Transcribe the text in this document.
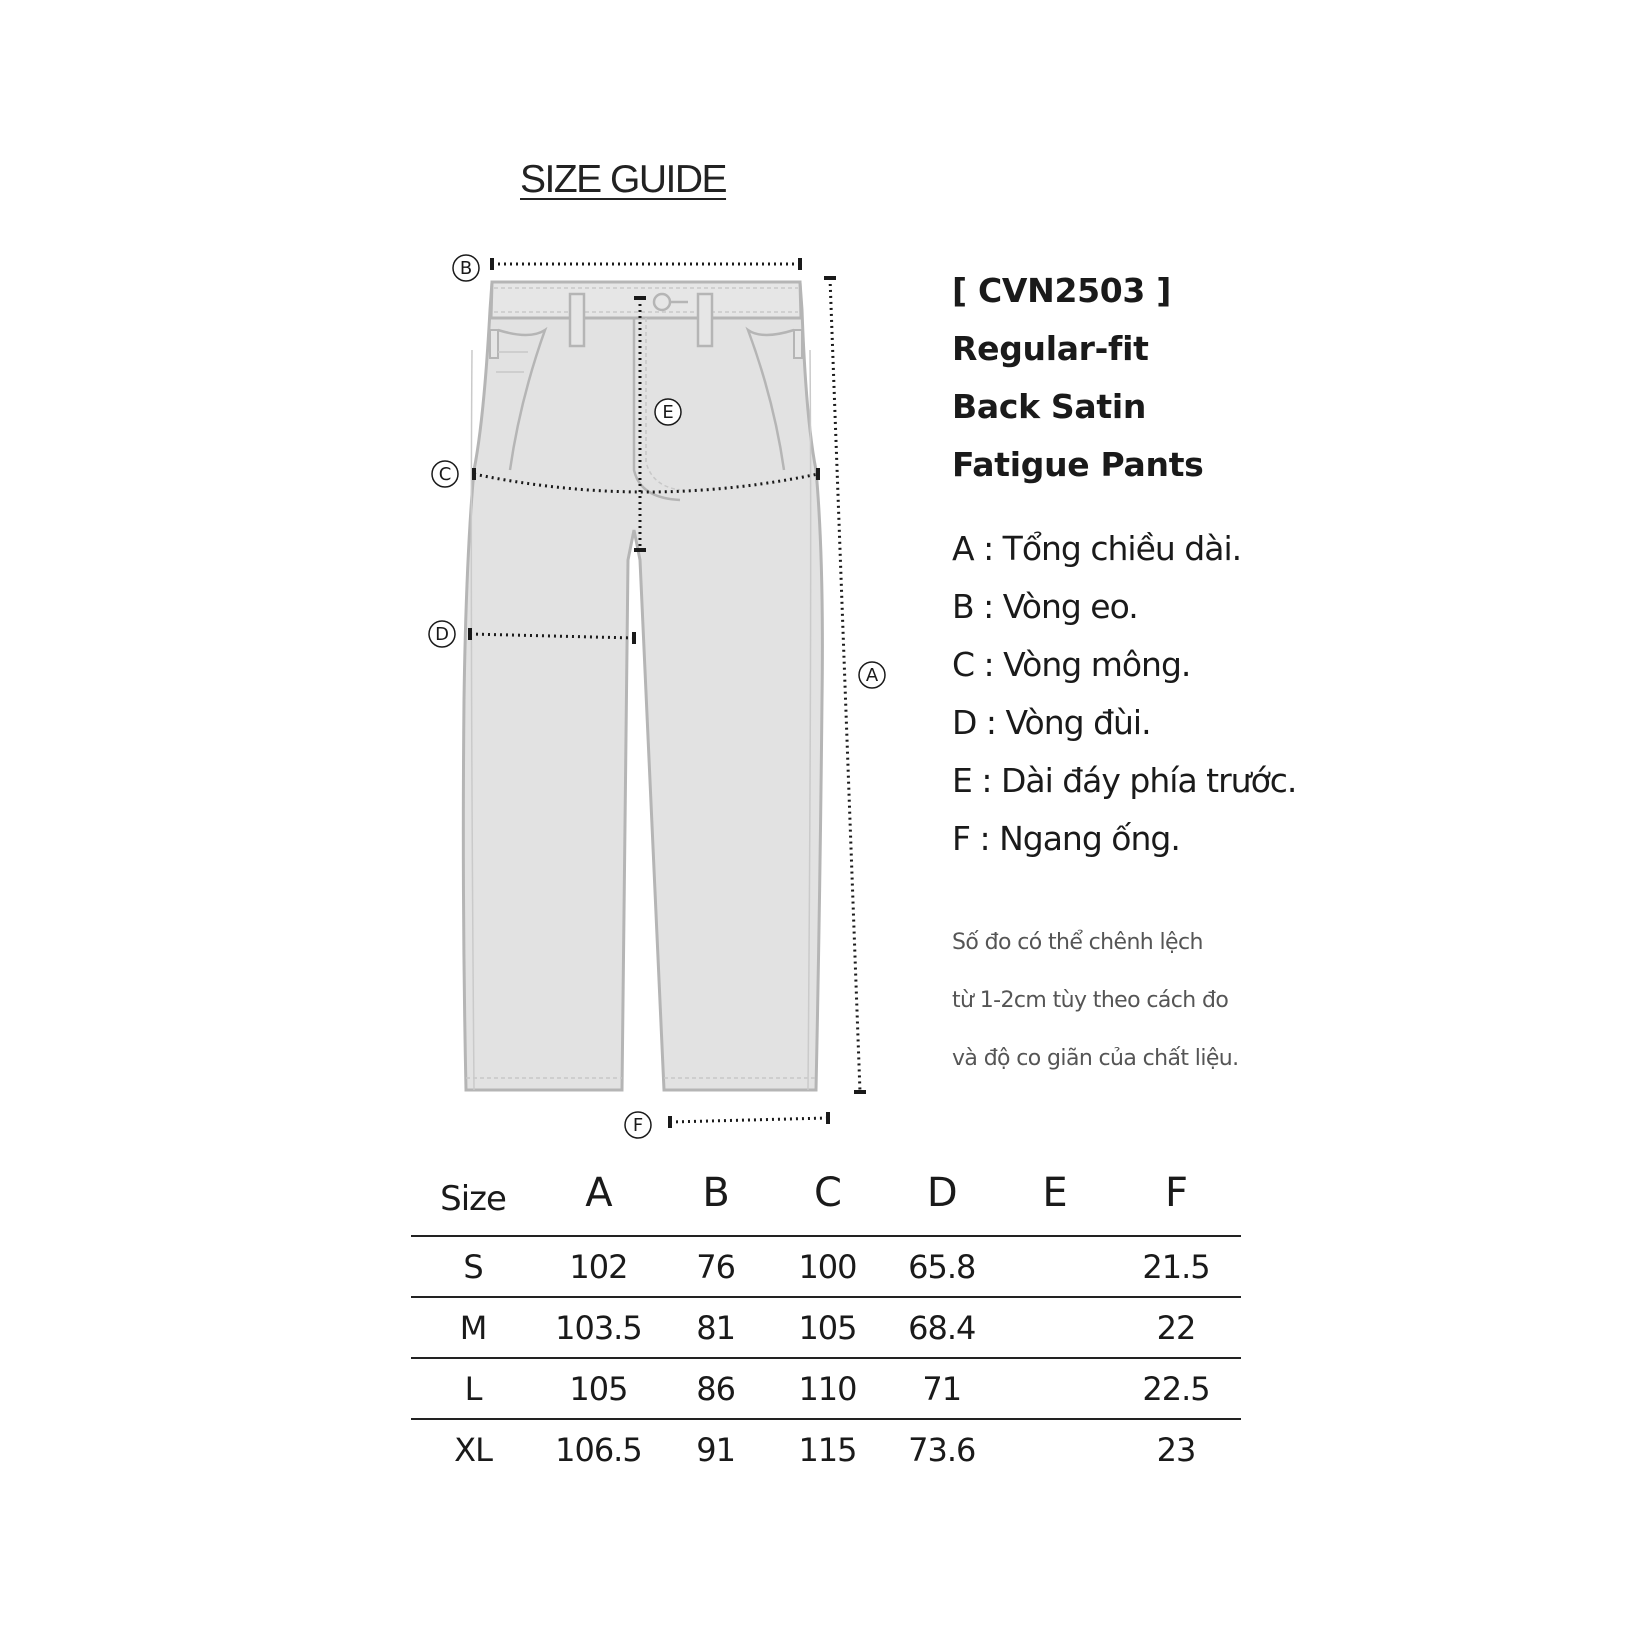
SIZE GUIDE
B
A
C
D
E
F
[ CVN2503 ]
Regular-fit
Back Satin
Fatigue Pants
A : Tổng chiều dài.
B : Vòng eo.
C : Vòng mông.
D : Vòng đùi.
E : Dài đáy phía trước.
F : Ngang ống.
Số đo có thể chênh lệch
từ 1-2cm tùy theo cách đo
và độ co giãn của chất liệu.
Size	A	B	C	D	E	F
S	102	76	100	65.8		21.5
M	103.5	81	105	68.4		22
L	105	86	110	71		22.5
XL	106.5	91	115	73.6		23
